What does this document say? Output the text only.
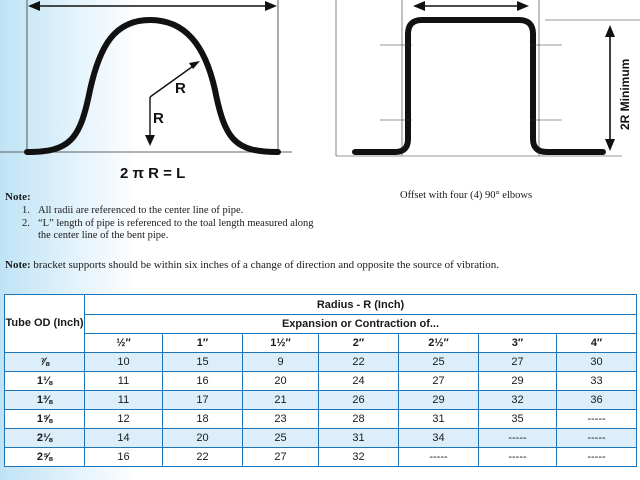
R
R
2 π R = L
2R Minimum
Note:
1. All radii are referenced to the center line of pipe.
2. “L” length of pipe is referenced to the toal length measured along the center line of the bent pipe.
Offset with four (4) 90° elbows
Note: bracket supports should be within six inches of a change of direction and opposite the source of vibration.
Tube OD (Inch)	Radius - R (Inch)						
	Expansion or Contraction of...						
	½″	1″	1½″	2″	2½″	3″	4″
⅞	10	15	9	22	25	27	30
1⅛	11	16	20	24	27	29	33
1⅜	11	17	21	26	29	32	36
1⅝	12	18	23	28	31	35	-----
2⅛	14	20	25	31	34	-----	-----
2⅝	16	22	27	32	-----	-----	-----
